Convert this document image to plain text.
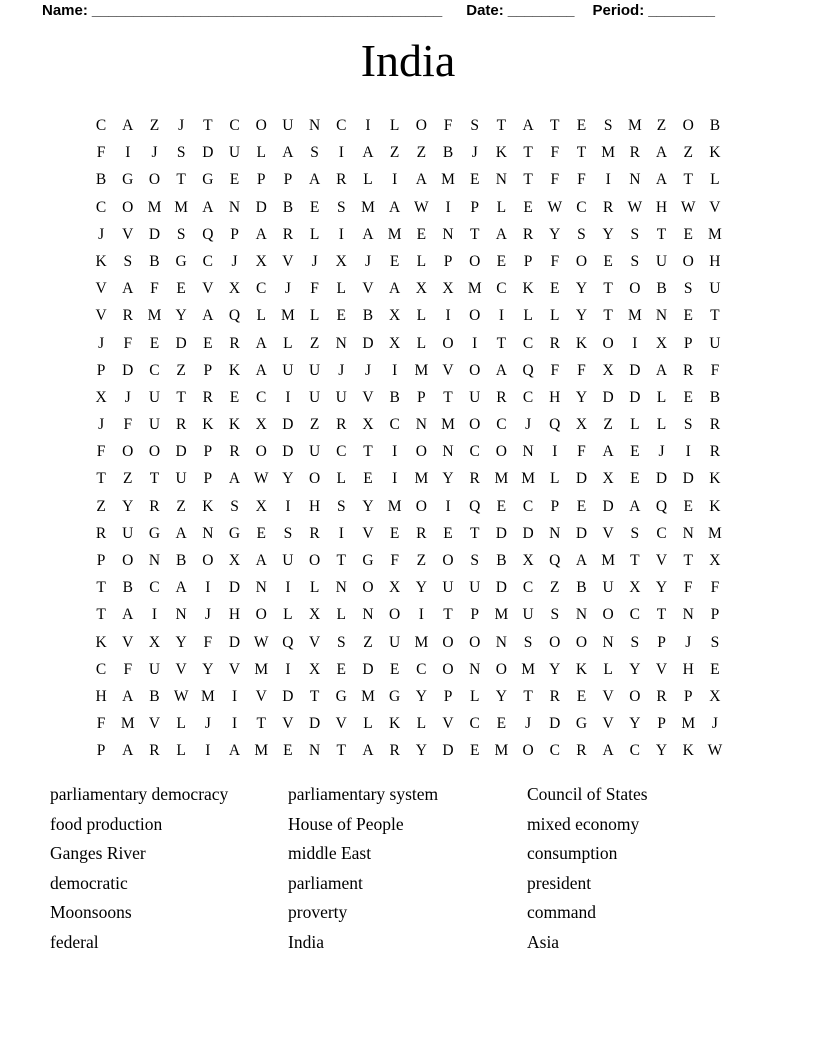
Name: __________________________________________ Date: ________ Period: ________
India
C	A	Z	J	T	C	O U N	C	I	L	O	F	S	T	A	T	E	S M Z	O	B
F	I	J	S	D U	L	A	S	I	A	Z	Z	B	J	K	T	F	T M R	A	Z	K
B	G O	T	G	E	P	P	A	R	L	I	A M E	N	T	F	F	I	N A	T	L
C	O M M A N D	B	E	S M A W	I	P	L	E W C	R W H W V
J	V D	S	Q	P	A	R	L	I	A M E	N	T	A	R	Y	S	Y	S	T	E M
K	S	B	G	C	J	X V	J	X	J	E	L	P	O	E	P	F	O	E	S	U O H
V A	F	E	V X	C	J	F	L	V A X X M C	K	E	Y	T	O	B	S	U
V	R M Y A Q	L M L	E	B	X	L	I	O	I	L	L	Y	T M N	E	T
J	F	E	D	E	R	A	L	Z	N D X	L	O	I	T	C	R	K O	I	X	P	U
P	D	C	Z	P	K A U U	J	J	I	M V O A Q	F	F	X D A	R	F
X	J	U	T	R	E	C	I	U U V	B	P	T	U	R	C	H Y D D	L	E	B
J	F	U	R	K K X D	Z	R	X	C	N M O	C	J	Q X	Z	L	L	S	R
F	O O D	P	R	O D U	C	T	I	O N	C	O N	I	F	A	E	J	I	R
T	Z	T	U	P	A W Y O	L	E	I	M Y	R M M L	D X	E	D D K
Z	Y	R	Z	K	S	X	I	H	S	Y M O	I	Q	E	C	P	E	D A Q	E	K
R	U G A N G	E	S	R	I	V	E	R	E	T	D D N D V	S	C	N M
P	O N	B	O X A U O	T	G	F	Z	O	S	B	X Q A M T	V	T	X
T	B	C	A	I	D N	I	L	N O X Y U U D	C	Z	B	U X Y	F	F
T	A	I	N	J	H O	L	X	L	N O	I	T	P M U	S	N O	C	T	N	P
K V X Y	F	D W Q V	S	Z	U M O O N	S	O O N	S	P	J	S
C	F	U V Y V M	I	X	E	D	E	C	O N O M Y K	L	Y V H	E
H A	B W M	I	V D	T	G M G Y	P	L	Y	T	R	E	V O	R	P	X
F M V	L	J	I	T	V D V	L	K	L	V	C	E	J	D G V Y	P M	J
P	A	R	L	I	A M E	N	T	A	R	Y D	E M O	C	R	A	C	Y K W
parliamentary democracy
food production
Ganges River
democratic
Moonsoons
federal
parliamentary system
House of People
middle East
parliament
proverty
India
Council of States
mixed economy
consumption
president
command
Asia
